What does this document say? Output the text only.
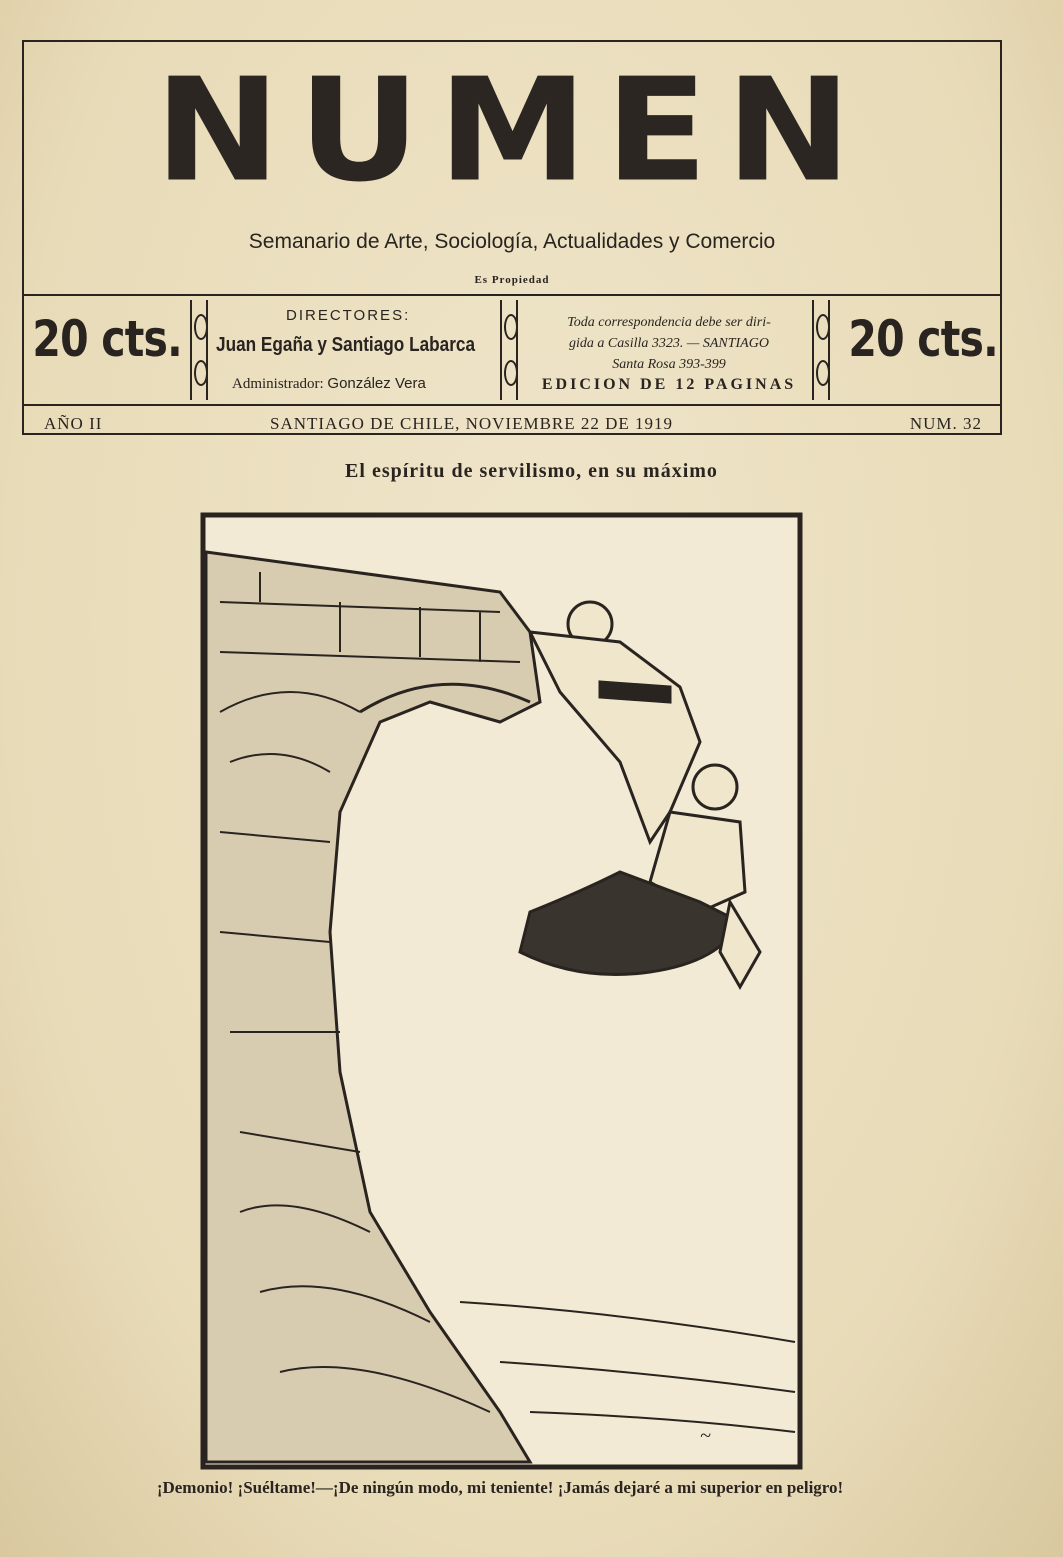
NUMEN
Semanario de Arte, Sociología, Actualidades y Comercio
Es Propiedad
20 cts.	DIRECTORES:
Juan Egaña y Santiago Labarca
Administrador: González Vera
Toda correspondencia debe ser diri-
gida a Casilla 3323. — SANTIAGO
Santa Rosa 393-399
EDICION DE 12 PAGINAS
20 cts.
AÑO II	SANTIAGO DE CHILE, NOVIEMBRE 22 DE 1919	NUM. 32
El espíritu de servilismo, en su máximo
~
¡Demonio! ¡Suéltame!—¡De ningún modo, mi teniente! ¡Jamás dejaré a mi superior en peligro!
